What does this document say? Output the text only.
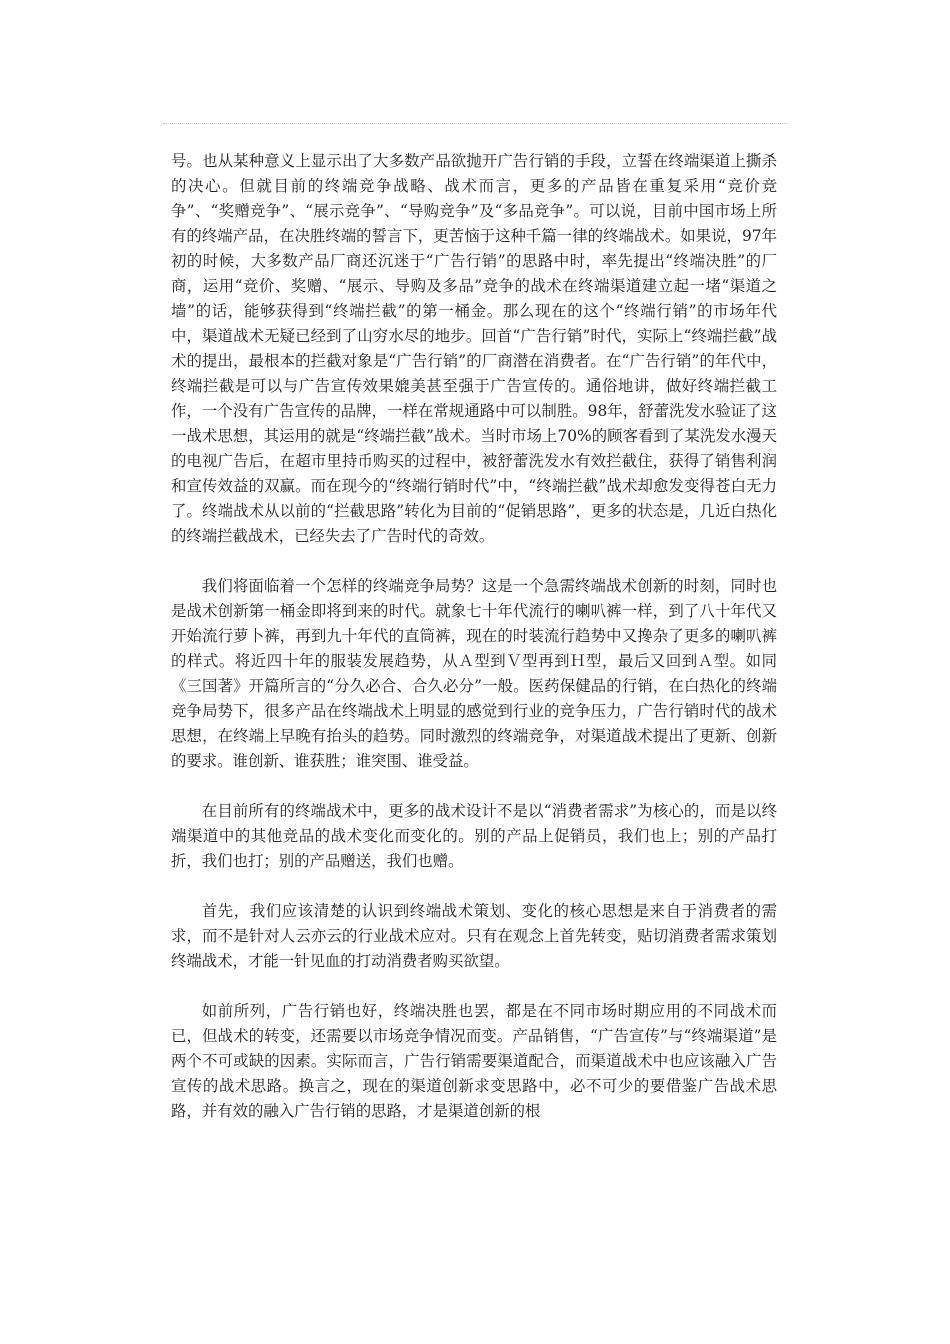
号。也从某种意义上显示出了大多数产品欲抛开广告行销的手段，立誓在终端渠道上撕杀的决心。但就目前的终端竞争战略、战术而言，更多的产品皆在重复采用“竞价竞争”、“奖赠竞争”、“展示竞争”、“导购竞争”及“多品竞争”。可以说，目前中国市场上所有的终端产品，在决胜终端的誓言下，更苦恼于这种千篇一律的终端战术。如果说，97年初的时候，大多数产品厂商还沉迷于“广告行销”的思路中时，率先提出“终端决胜”的厂商，运用“竞价、奖赠、“展示、导购及多品”竞争的战术在终端渠道建立起一堵“渠道之墙”的话，能够获得到“终端拦截”的第一桶金。那么现在的这个“终端行销”的市场年代中，渠道战术无疑已经到了山穷水尽的地步。回首“广告行销”时代，实际上“终端拦截”战术的提出，最根本的拦截对象是“广告行销”的厂商潜在消费者。在“广告行销”的年代中，终端拦截是可以与广告宣传效果媲美甚至强于广告宣传的。通俗地讲，做好终端拦截工作，一个没有广告宣传的品牌，一样在常规通路中可以制胜。98年，舒蕾洗发水验证了这一战术思想，其运用的就是“终端拦截”战术。当时市场上70%的顾客看到了某洗发水漫天的电视广告后，在超市里持币购买的过程中，被舒蕾洗发水有效拦截住，获得了销售利润和宣传效益的双赢。而在现今的“终端行销时代”中，“终端拦截”战术却愈发变得苍白无力了。终端战术从以前的“拦截思路”转化为目前的“促销思路”，更多的状态是，几近白热化的终端拦截战术，已经失去了广告时代的奇效。

我们将面临着一个怎样的终端竞争局势？这是一个急需终端战术创新的时刻，同时也是战术创新第一桶金即将到来的时代。就象七十年代流行的喇叭裤一样，到了八十年代又开始流行萝卜裤，再到九十年代的直筒裤，现在的时装流行趋势中又搀杂了更多的喇叭裤的样式。将近四十年的服装发展趋势，从Ａ型到Ｖ型再到Ｈ型，最后又回到Ａ型。如同《三国著》开篇所言的“分久必合、合久必分”一般。医药保健品的行销，在白热化的终端竞争局势下，很多产品在终端战术上明显的感觉到行业的竞争压力，广告行销时代的战术思想，在终端上早晚有抬头的趋势。同时激烈的终端竞争，对渠道战术提出了更新、创新的要求。谁创新、谁获胜；谁突围、谁受益。

在目前所有的终端战术中，更多的战术设计不是以“消费者需求”为核心的，而是以终端渠道中的其他竞品的战术变化而变化的。别的产品上促销员，我们也上；别的产品打折，我们也打；别的产品赠送，我们也赠。

首先，我们应该清楚的认识到终端战术策划、变化的核心思想是来自于消费者的需求，而不是针对人云亦云的行业战术应对。只有在观念上首先转变，贴切消费者需求策划终端战术，才能一针见血的打动消费者购买欲望。

如前所列，广告行销也好，终端决胜也罢，都是在不同市场时期应用的不同战术而已，但战术的转变，还需要以市场竞争情况而变。产品销售，“广告宣传”与“终端渠道”是两个不可或缺的因素。实际而言，广告行销需要渠道配合，而渠道战术中也应该融入广告宣传的战术思路。换言之，现在的渠道创新求变思路中，必不可少的要借鉴广告战术思路，并有效的融入广告行销的思路，才是渠道创新的根
